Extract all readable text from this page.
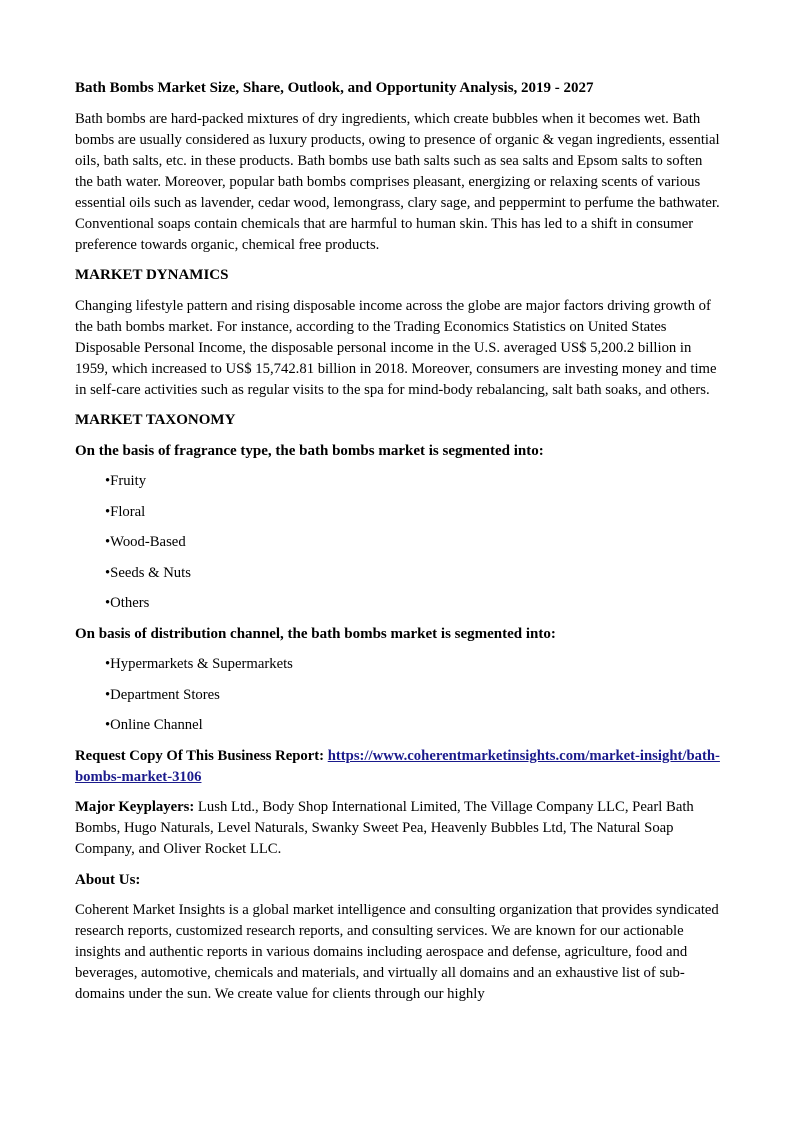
Bath Bombs Market Size, Share, Outlook, and Opportunity Analysis, 2019 - 2027

Bath bombs are hard-packed mixtures of dry ingredients, which create bubbles when it becomes wet. Bath bombs are usually considered as luxury products, owing to presence of organic & vegan ingredients, essential oils, bath salts, etc. in these products. Bath bombs use bath salts such as sea salts and Epsom salts to soften the bath water. Moreover, popular bath bombs comprises pleasant, energizing or relaxing scents of various essential oils such as lavender, cedar wood, lemongrass, clary sage, and peppermint to perfume the bathwater. Conventional soaps contain chemicals that are harmful to human skin. This has led to a shift in consumer preference towards organic, chemical free products.

MARKET DYNAMICS

Changing lifestyle pattern and rising disposable income across the globe are major factors driving growth of the bath bombs market. For instance, according to the Trading Economics Statistics on United States Disposable Personal Income, the disposable personal income in the U.S. averaged US$ 5,200.2 billion in 1959, which increased to US$ 15,742.81 billion in 2018. Moreover, consumers are investing money and time in self-care activities such as regular visits to the spa for mind-body rebalancing, salt bath soaks, and others.

MARKET TAXONOMY

On the basis of fragrance type, the bath bombs market is segmented into:

•Fruity
•Floral
•Wood-Based
•Seeds & Nuts
•Others

On basis of distribution channel, the bath bombs market is segmented into:

•Hypermarkets & Supermarkets
•Department Stores
•Online Channel

Request Copy Of This Business Report: https://www.coherentmarketinsights.com/market-insight/bath-bombs-market-3106

Major Keyplayers: Lush Ltd., Body Shop International Limited, The Village Company LLC, Pearl Bath Bombs, Hugo Naturals, Level Naturals, Swanky Sweet Pea, Heavenly Bubbles Ltd, The Natural Soap Company, and Oliver Rocket LLC.

About Us:

Coherent Market Insights is a global market intelligence and consulting organization that provides syndicated research reports, customized research reports, and consulting services. We are known for our actionable insights and authentic reports in various domains including aerospace and defense, agriculture, food and beverages, automotive, chemicals and materials, and virtually all domains and an exhaustive list of sub-domains under the sun. We create value for clients through our highly
